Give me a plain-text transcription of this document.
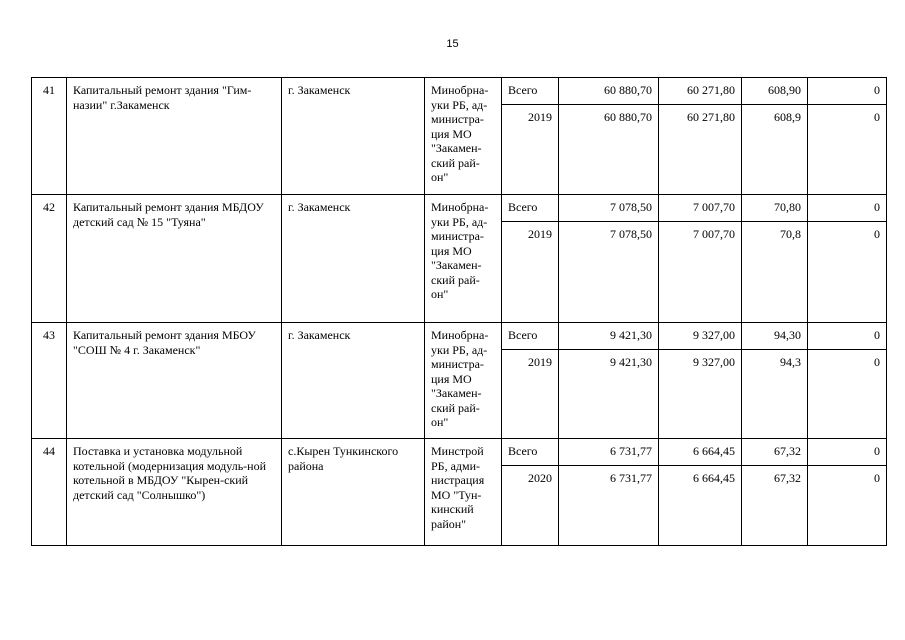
15
41	Капитальный ремонт здания "Гим-назии" г.Закаменск	г. Закаменск	Минобрна-уки РБ, ад-министра-ция МО "Закамен-ский рай-он"	Всего	60 880,70	60 271,80	608,90	0
				2019	60 880,70	60 271,80	608,9	0
42	Капитальный ремонт здания МБДОУ детский сад № 15 "Туяна"	г. Закаменск	Минобрна-уки РБ, ад-министра-ция МО "Закамен-ский рай-он"	Всего	7 078,50	7 007,70	70,80	0
				2019	7 078,50	7 007,70	70,8	0
43	Капитальный ремонт здания МБОУ "СОШ № 4 г. Закаменск"	г. Закаменск	Минобрна-уки РБ, ад-министра-ция МО "Закамен-ский рай-он"	Всего	9 421,30	9 327,00	94,30	0
				2019	9 421,30	9 327,00	94,3	0
44	Поставка и установка модульной котельной (модернизация модуль-ной котельной в МБДОУ "Кырен-ский детский сад "Солнышко")	с.Кырен Тункинского района	Минстрой РБ, адми-нистрация МО "Тун-кинский район"	Всего	6 731,77	6 664,45	67,32	0
				2020	6 731,77	6 664,45	67,32	0
